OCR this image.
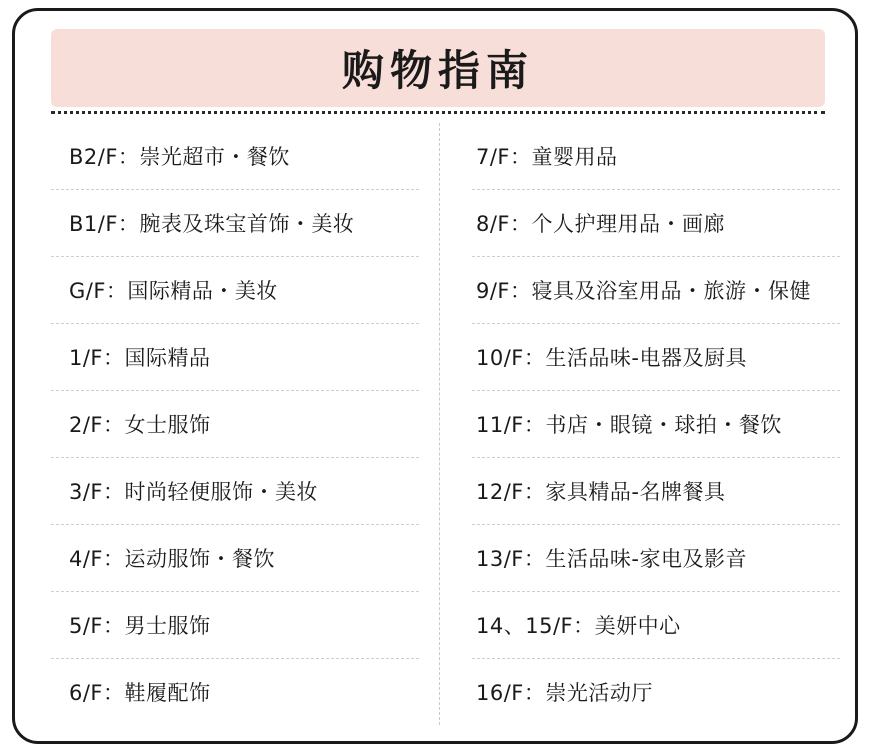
购物指南
B2/F：崇光超市・餐饮
B1/F：腕表及珠宝首饰・美妆
G/F：国际精品・美妆
1/F：国际精品
2/F：女士服饰
3/F：时尚轻便服饰・美妆
4/F：运动服饰・餐饮
5/F：男士服饰
6/F：鞋履配饰
7/F：童婴用品
8/F：个人护理用品・画廊
9/F：寝具及浴室用品・旅游・保健
10/F：生活品味-电器及厨具
11/F：书店・眼镜・球拍・餐饮
12/F：家具精品-名牌餐具
13/F：生活品味-家电及影音
14、15/F：美妍中心
16/F：崇光活动厅
